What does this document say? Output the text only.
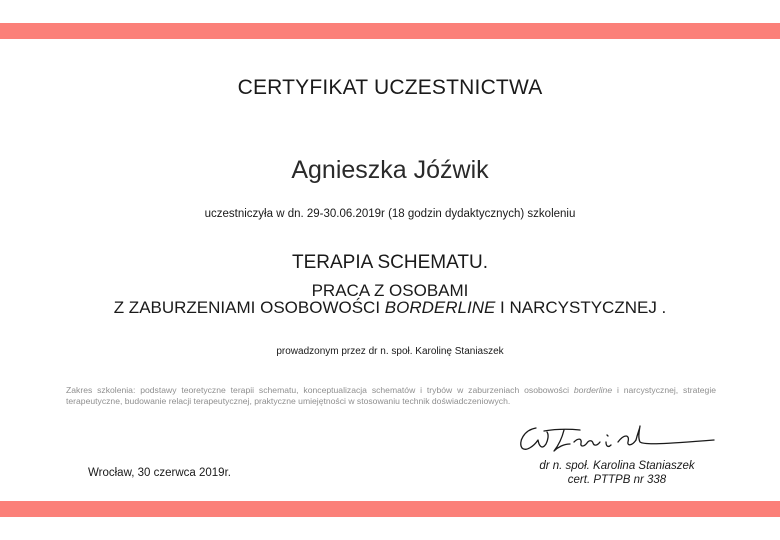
CERTYFIKAT UCZESTNICTWA
Agnieszka Jóźwik
uczestniczyła w dn. 29-30.06.2019r (18 godzin dydaktycznych) szkoleniu
TERAPIA SCHEMATU.
PRACA Z OSOBAMI
Z ZABURZENIAMI OSOBOWOŚCI BORDERLINE I NARCYSTYCZNEJ .
prowadzonym przez dr n. społ. Karolinę Staniaszek
Zakres szkolenia: podstawy teoretyczne terapii schematu, konceptualizacja schematów i trybów w zaburzeniach osobowości borderline i narcystycznej, strategie terapeutyczne, budowanie relacji terapeutycznej, praktyczne umiejętności w stosowaniu technik doświadczeniowych.
Wrocław, 30 czerwca 2019r.
dr n. społ. Karolina Staniaszek
cert. PTTPB nr 338
